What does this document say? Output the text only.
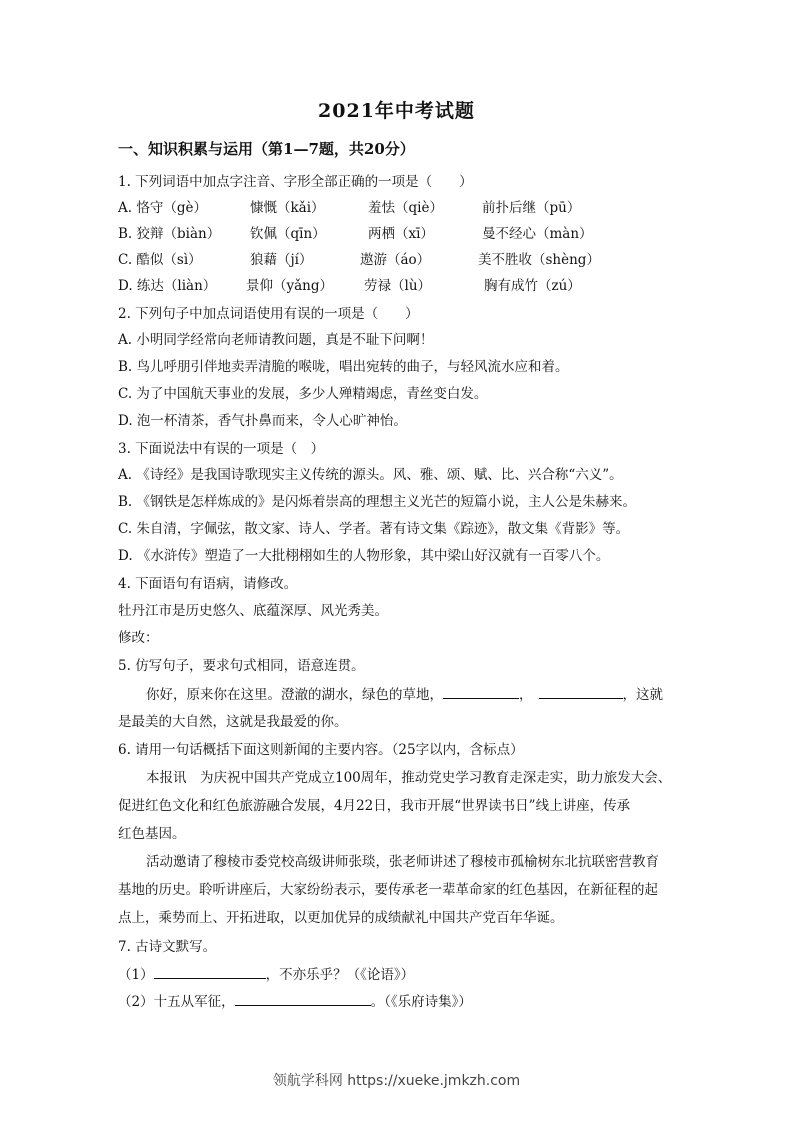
2021年中考试题
一、知识积累与运用（第1—7题，共20分）
1. 下列词语中加点字注音、字形全部正确的一项是（　　）
A. 恪守（gè）	慷慨（kǎi）	羞怯（qiè）	前扑后继（pū）
B. 狡辩（biàn） 钦佩（qīn）	两栖（xī）	曼不经心（màn）
C. 酷似（sì）	狼藉（jí）	遨游（áo）	美不胜收（shèng）
D. 练达（liàn） 景仰（yǎng） 劳禄（lù）	胸有成竹（zú）
2. 下列句子中加点词语使用有误的一项是（　　）
A. 小明同学经常向老师请教问题，真是不耻下问啊！
B. 鸟儿呼朋引伴地卖弄清脆的喉咙，唱出宛转的曲子，与轻风流水应和着。
C. 为了中国航天事业的发展，多少人殚精竭虑，青丝变白发。
D. 泡一杯清茶，香气扑鼻而来，令人心旷神怡。
3. 下面说法中有误的一项是（　）
A. 《诗经》是我国诗歌现实主义传统的源头。风、雅、颂、赋、比、兴合称“六义”。
B. 《钢铁是怎样炼成的》是闪烁着崇高的理想主义光芒的短篇小说，主人公是朱赫来。
C. 朱自清，字佩弦，散文家、诗人、学者。著有诗文集《踪迹》，散文集《背影》等。
D. 《水浒传》塑造了一大批栩栩如生的人物形象，其中梁山好汉就有一百零八个。
4. 下面语句有语病，请修改。
牡丹江市是历史悠久、底蕴深厚、风光秀美。
修改：
5. 仿写句子，要求句式相同，语意连贯。
你好，原来你在这里。澄澈的湖水，绿色的草地，	，	，这就
是最美的大自然，这就是我最爱的你。
6. 请用一句话概括下面这则新闻的主要内容。（25字以内，含标点）
本报讯　为庆祝中国共产党成立100周年，推动党史学习教育走深走实，助力旅发大会、
促进红色文化和红色旅游融合发展，4月22日，我市开展“世界读书日”线上讲座，传承
红色基因。
活动邀请了穆棱市委党校高级讲师张琰，张老师讲述了穆棱市孤榆树东北抗联密营教育
基地的历史。聆听讲座后，大家纷纷表示，要传承老一辈革命家的红色基因，在新征程的起
点上，乘势而上、开拓进取，以更加优异的成绩献礼中国共产党百年华诞。
7. 古诗文默写。
（1）	，不亦乐乎？（《论语》）
（2）十五从军征，	。（《乐府诗集》）
领航学科网 https://xueke.jmkzh.com
